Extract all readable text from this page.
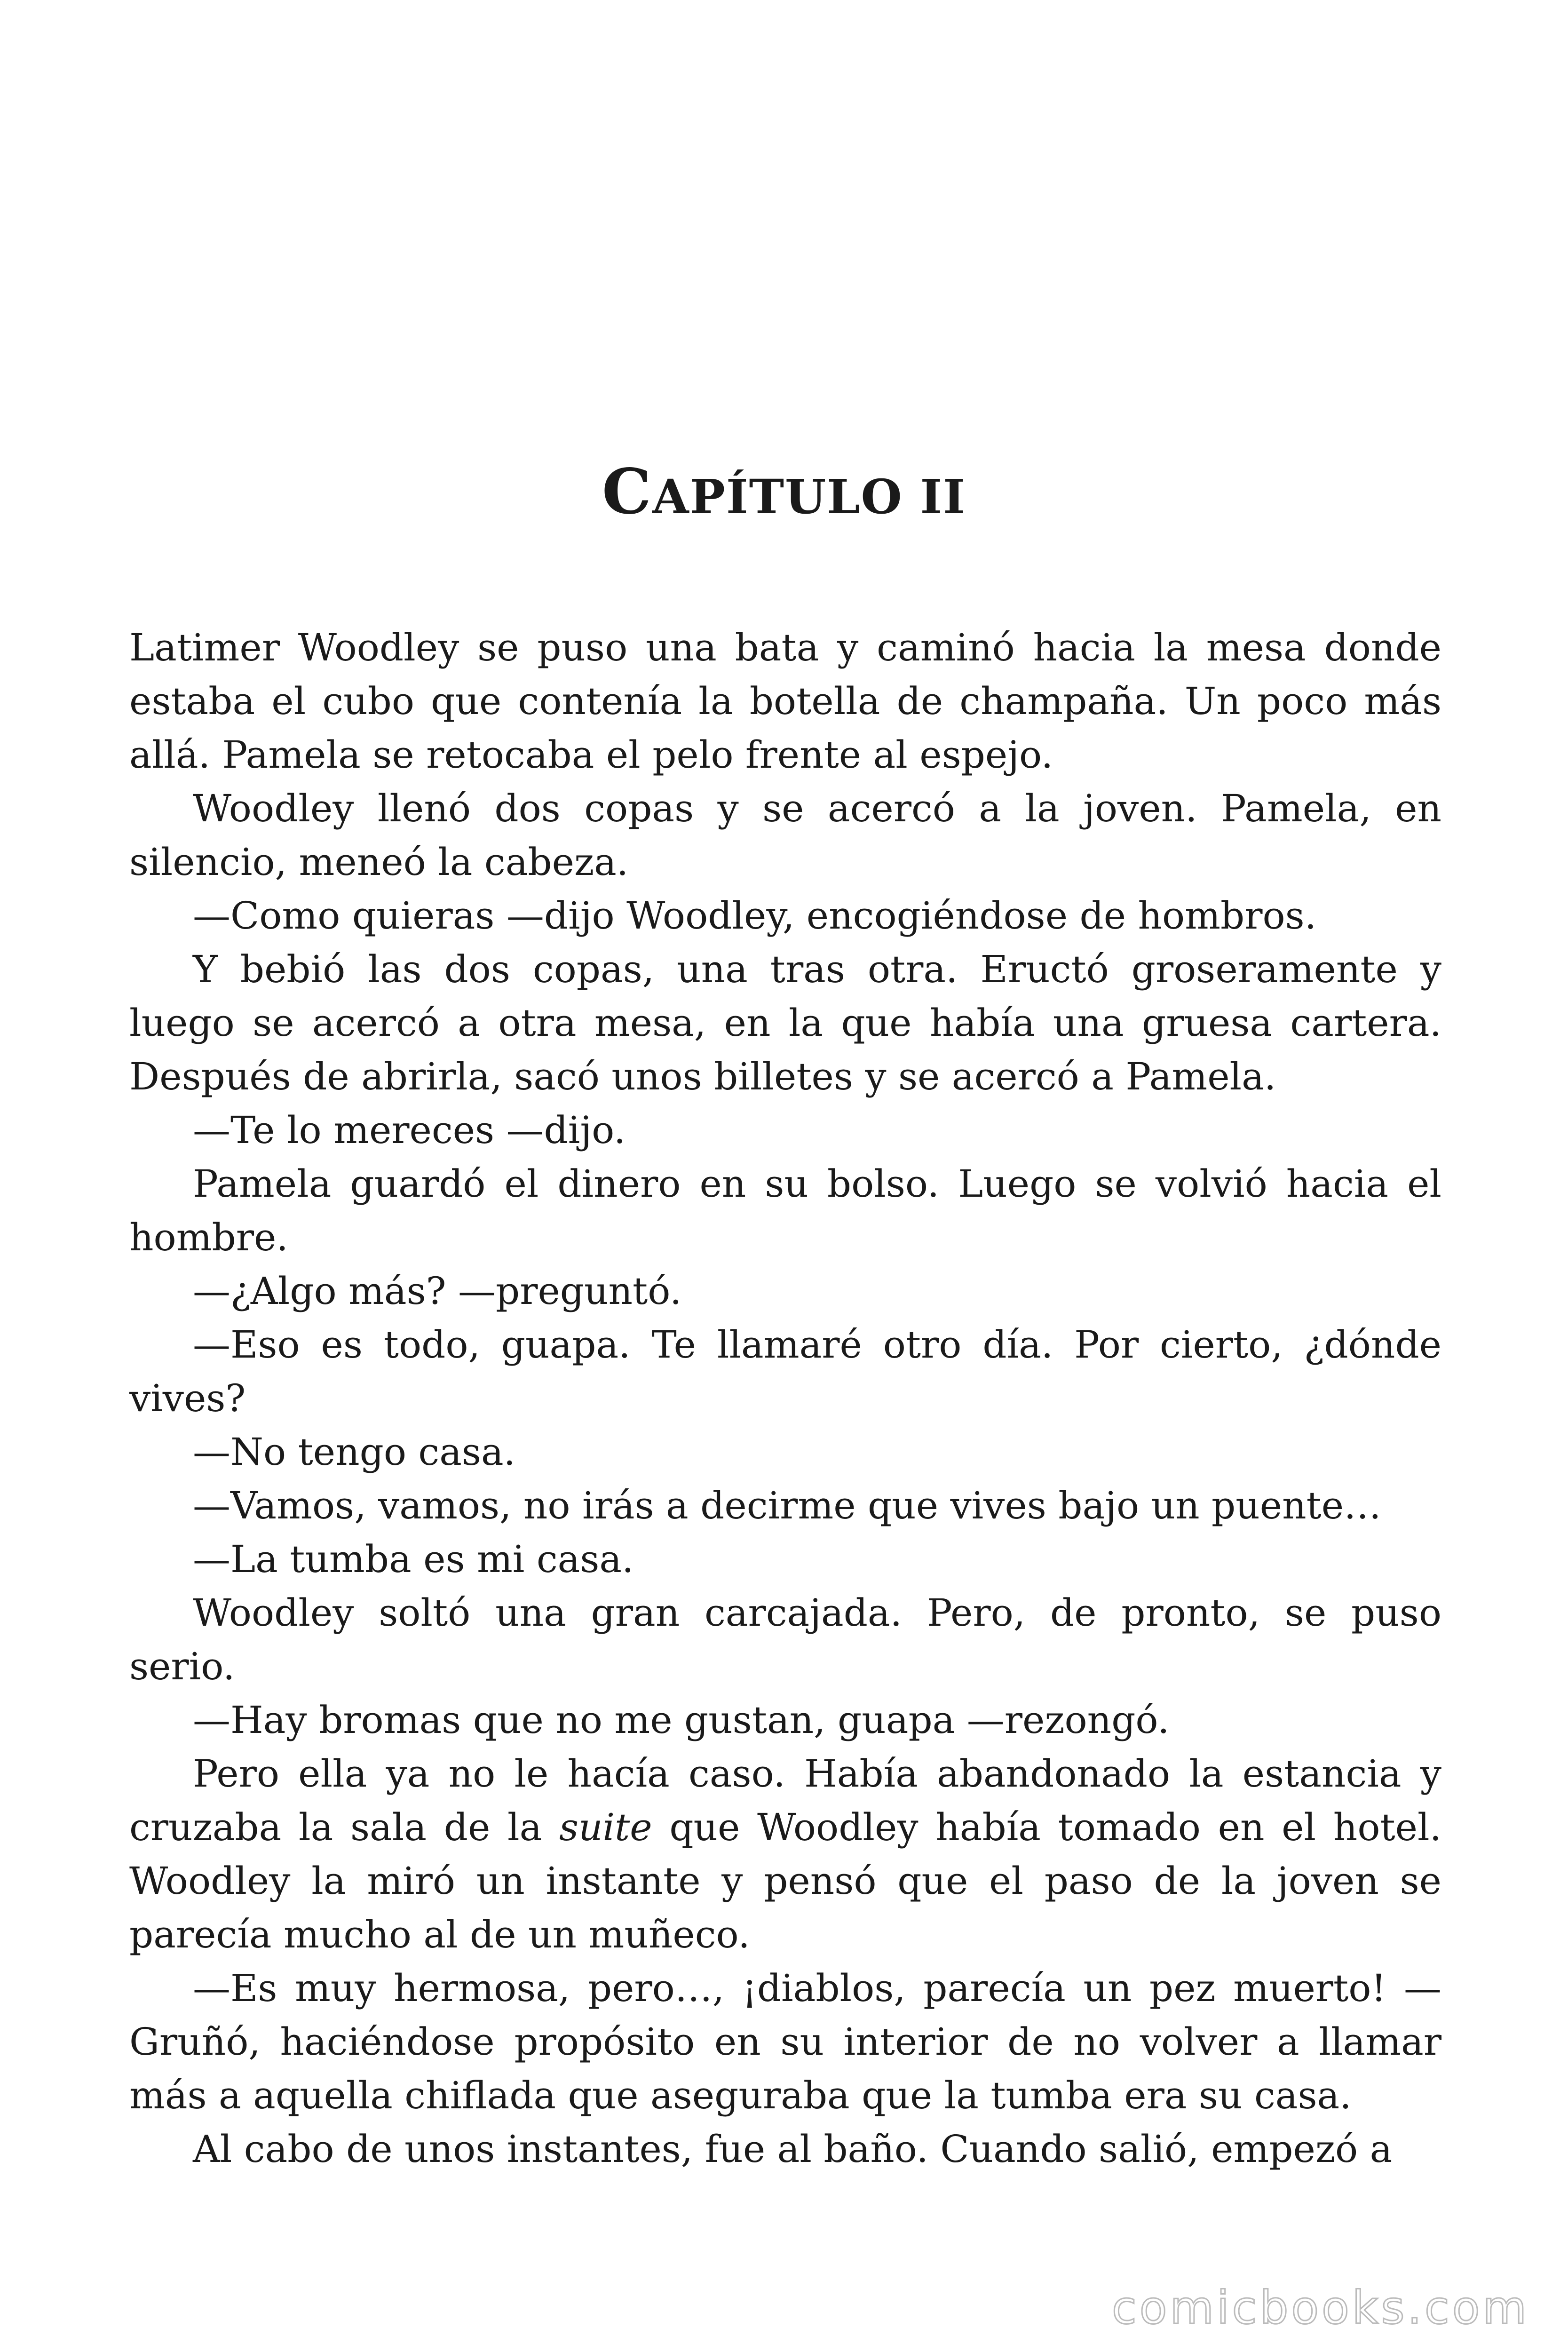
CAPÍTULO II

Latimer Woodley se puso una bata y caminó hacia la mesa donde estaba el cubo que contenía la botella de champaña. Un poco más allá. Pamela se retocaba el pelo frente al espejo.

Woodley llenó dos copas y se acercó a la joven. Pamela, en silencio, meneó la cabeza.

—Como quieras —dijo Woodley, encogiéndose de hombros.

Y bebió las dos copas, una tras otra. Eructó groseramente y luego se acercó a otra mesa, en la que había una gruesa cartera. Después de abrirla, sacó unos billetes y se acercó a Pamela.

—Te lo mereces —dijo.

Pamela guardó el dinero en su bolso. Luego se volvió hacia el hombre.

—¿Algo más? —preguntó.

—Eso es todo, guapa. Te llamaré otro día. Por cierto, ¿dónde vives?

—No tengo casa.

—Vamos, vamos, no irás a decirme que vives bajo un puente…

—La tumba es mi casa.

Woodley soltó una gran carcajada. Pero, de pronto, se puso serio.

—Hay bromas que no me gustan, guapa —rezongó.

Pero ella ya no le hacía caso. Había abandonado la estancia y cruzaba la sala de la suite que Woodley había tomado en el hotel. Woodley la miró un instante y pensó que el paso de la joven se parecía mucho al de un muñeco.

—Es muy hermosa, pero…, ¡diablos, parecía un pez muerto! — Gruñó, haciéndose propósito en su interior de no volver a llamar más a aquella chiflada que aseguraba que la tumba era su casa.

Al cabo de unos instantes, fue al baño. Cuando salió, empezó a

comicbooks.com
